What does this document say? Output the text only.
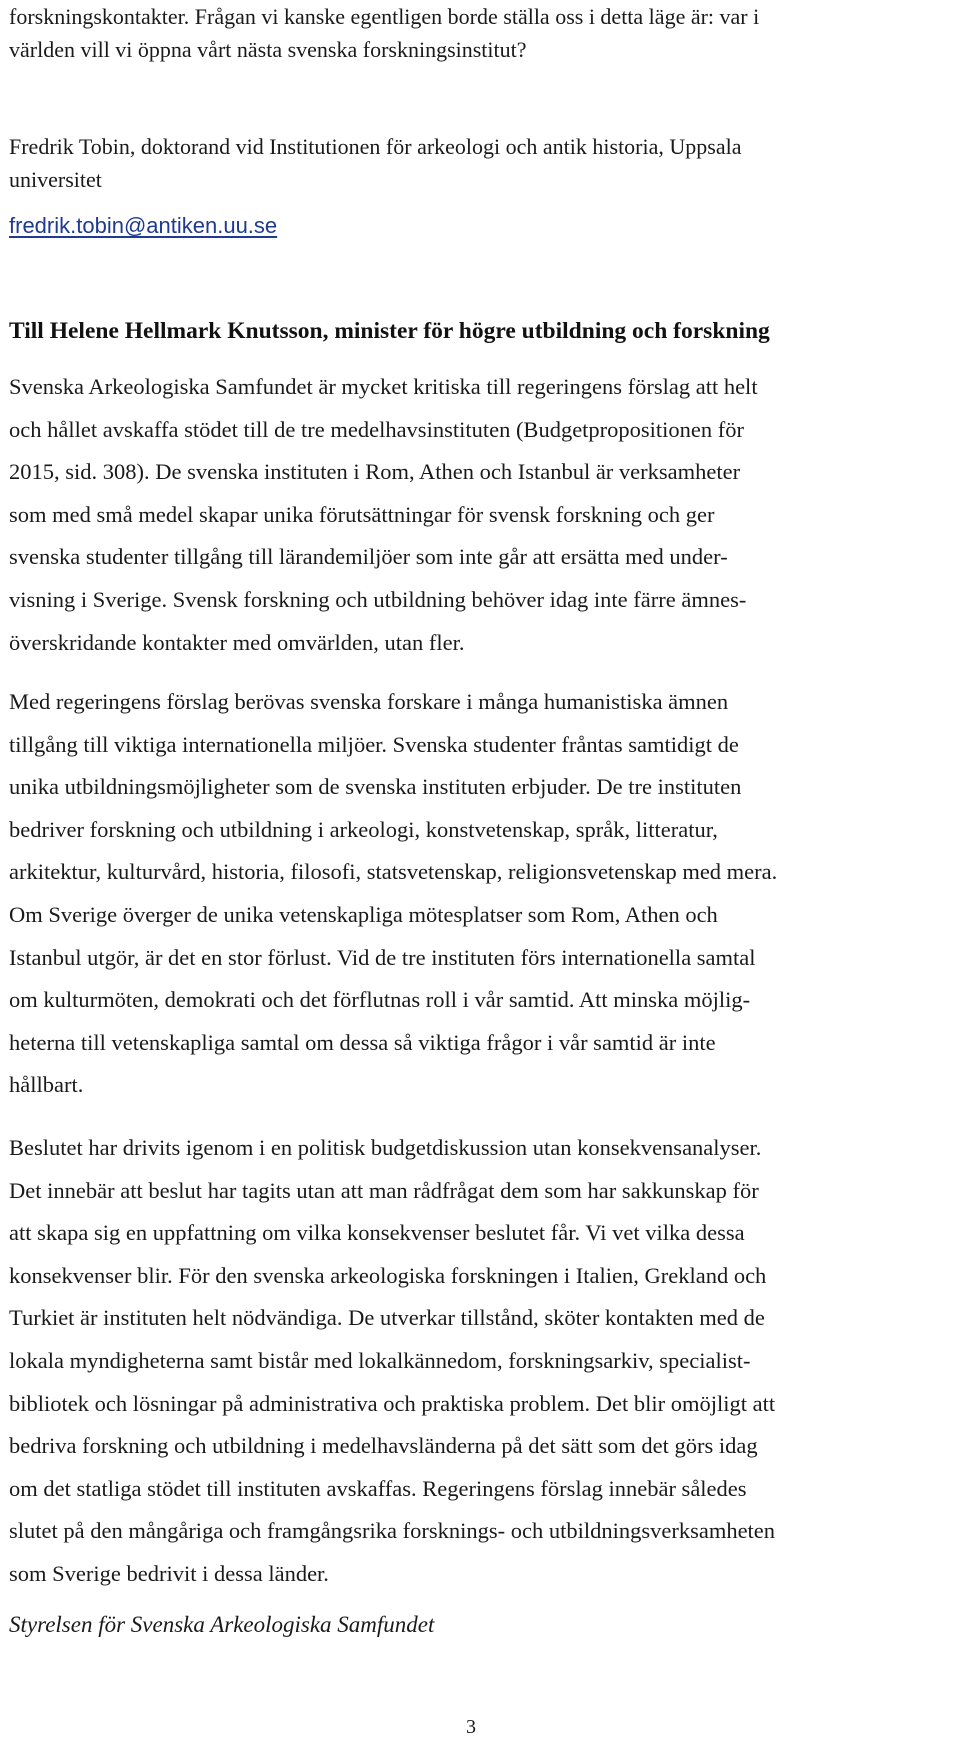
forskningskontakter. Frågan vi kanske egentligen borde ställa oss i detta läge är: var i
världen vill vi öppna vårt nästa svenska forskningsinstitut?

Fredrik Tobin, doktorand vid Institutionen för arkeologi och antik historia, Uppsala
universitet

fredrik.tobin@antiken.uu.se
Till Helene Hellmark Knutsson, minister för högre utbildning och forskning

Svenska Arkeologiska Samfundet är mycket kritiska till regeringens förslag att helt
och hållet avskaffa stödet till de tre medelhavsinstituten (Budgetpropositionen för
2015, sid. 308). De svenska instituten i Rom, Athen och Istanbul är verksamheter
som med små medel skapar unika förutsättningar för svensk forskning och ger
svenska studenter tillgång till lärandemiljöer som inte går att ersätta med under-
visning i Sverige. Svensk forskning och utbildning behöver idag inte färre ämnes-
överskridande kontakter med omvärlden, utan fler.

Med regeringens förslag berövas svenska forskare i många humanistiska ämnen
tillgång till viktiga internationella miljöer. Svenska studenter fråntas samtidigt de
unika utbildningsmöjligheter som de svenska instituten erbjuder. De tre instituten
bedriver forskning och utbildning i arkeologi, konstvetenskap, språk, litteratur,
arkitektur, kulturvård, historia, filosofi, statsvetenskap, religionsvetenskap med mera.
Om Sverige överger de unika vetenskapliga mötesplatser som Rom, Athen och
Istanbul utgör, är det en stor förlust. Vid de tre instituten förs internationella samtal
om kulturmöten, demokrati och det förflutnas roll i vår samtid. Att minska möjlig-
heterna till vetenskapliga samtal om dessa så viktiga frågor i vår samtid är inte
hållbart.

Beslutet har drivits igenom i en politisk budgetdiskussion utan konsekvensanalyser.
Det innebär att beslut har tagits utan att man rådfrågat dem som har sakkunskap för
att skapa sig en uppfattning om vilka konsekvenser beslutet får. Vi vet vilka dessa
konsekvenser blir. För den svenska arkeologiska forskningen i Italien, Grekland och
Turkiet är instituten helt nödvändiga. De utverkar tillstånd, sköter kontakten med de
lokala myndigheterna samt bistår med lokalkännedom, forskningsarkiv, specialist-
bibliotek och lösningar på administrativa och praktiska problem. Det blir omöjligt att
bedriva forskning och utbildning i medelhavsländerna på det sätt som det görs idag
om det statliga stödet till instituten avskaffas. Regeringens förslag innebär således
slutet på den mångåriga och framgångsrika forsknings- och utbildningsverksamheten
som Sverige bedrivit i dessa länder.

Styrelsen för Svenska Arkeologiska Samfundet
3
